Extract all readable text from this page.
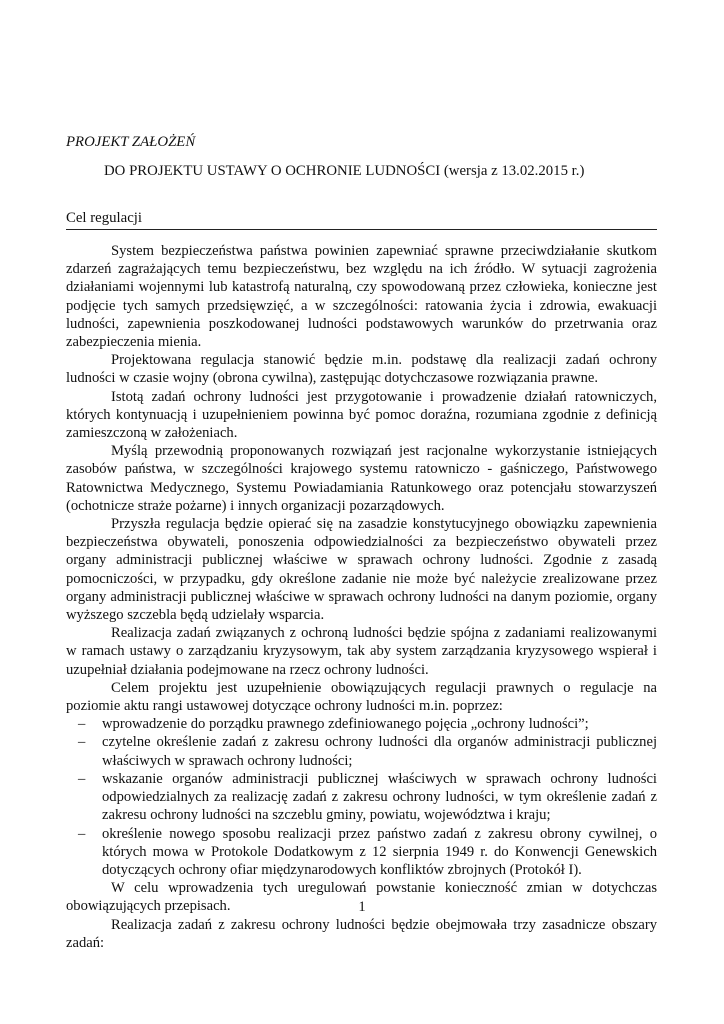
PROJEKT ZAŁOŻEŃ
DO PROJEKTU USTAWY O OCHRONIE LUDNOŚCI (wersja z 13.02.2015 r.)
Cel regulacji

System bezpieczeństwa państwa powinien zapewniać sprawne przeciwdziałanie skutkom zdarzeń zagrażających temu bezpieczeństwu, bez względu na ich źródło. W sytuacji zagrożenia działaniami wojennymi lub katastrofą naturalną, czy spowodowaną przez człowieka, konieczne jest podjęcie tych samych przedsięwzięć, a w szczególności: ratowania życia i zdrowia, ewakuacji ludności, zapewnienia poszkodowanej ludności podstawowych warunków do przetrwania oraz zabezpieczenia mienia.

Projektowana regulacja stanowić będzie m.in. podstawę dla realizacji zadań ochrony ludności w czasie wojny (obrona cywilna), zastępując dotychczasowe rozwiązania prawne.

Istotą zadań ochrony ludności jest przygotowanie i prowadzenie działań ratowniczych, których kontynuacją i uzupełnieniem powinna być pomoc doraźna, rozumiana zgodnie z definicją zamieszczoną w założeniach.

Myślą przewodnią proponowanych rozwiązań jest racjonalne wykorzystanie istniejących zasobów państwa, w szczególności krajowego systemu ratowniczo - gaśniczego, Państwowego Ratownictwa Medycznego, Systemu Powiadamiania Ratunkowego oraz potencjału stowarzyszeń (ochotnicze straże pożarne) i innych organizacji pozarządowych.

Przyszła regulacja będzie opierać się na zasadzie konstytucyjnego obowiązku zapewnienia bezpieczeństwa obywateli, ponoszenia odpowiedzialności za bezpieczeństwo obywateli przez organy administracji publicznej właściwe w sprawach ochrony ludności. Zgodnie z zasadą pomocniczości, w przypadku, gdy określone zadanie nie może być należycie zrealizowane przez organy administracji publicznej właściwe w sprawach ochrony ludności na danym poziomie, organy wyższego szczebla będą udzielały wsparcia.

Realizacja zadań związanych z ochroną ludności będzie spójna z zadaniami realizowanymi w ramach ustawy o zarządzaniu kryzysowym, tak aby system zarządzania kryzysowego wspierał i uzupełniał działania podejmowane na rzecz ochrony ludności.

Celem projektu jest uzupełnienie obowiązujących regulacji prawnych o regulacje na poziomie aktu rangi ustawowej dotyczące ochrony ludności m.in. poprzez:

– wprowadzenie do porządku prawnego zdefiniowanego pojęcia „ochrony ludności”;
– czytelne określenie zadań z zakresu ochrony ludności dla organów administracji publicznej właściwych w sprawach ochrony ludności;
– wskazanie organów administracji publicznej właściwych w sprawach ochrony ludności odpowiedzialnych za realizację zadań z zakresu ochrony ludności, w tym określenie zadań z zakresu ochrony ludności na szczeblu gminy, powiatu, województwa i kraju;
– określenie nowego sposobu realizacji przez państwo zadań z zakresu obrony cywilnej, o których mowa w Protokole Dodatkowym z 12 sierpnia 1949 r. do Konwencji Genewskich dotyczących ochrony ofiar międzynarodowych konfliktów zbrojnych (Protokół I).

W celu wprowadzenia tych uregulowań powstanie konieczność zmian w dotychczas obowiązujących przepisach.

Realizacja zadań z zakresu ochrony ludności będzie obejmowała trzy zasadnicze obszary zadań:

1
